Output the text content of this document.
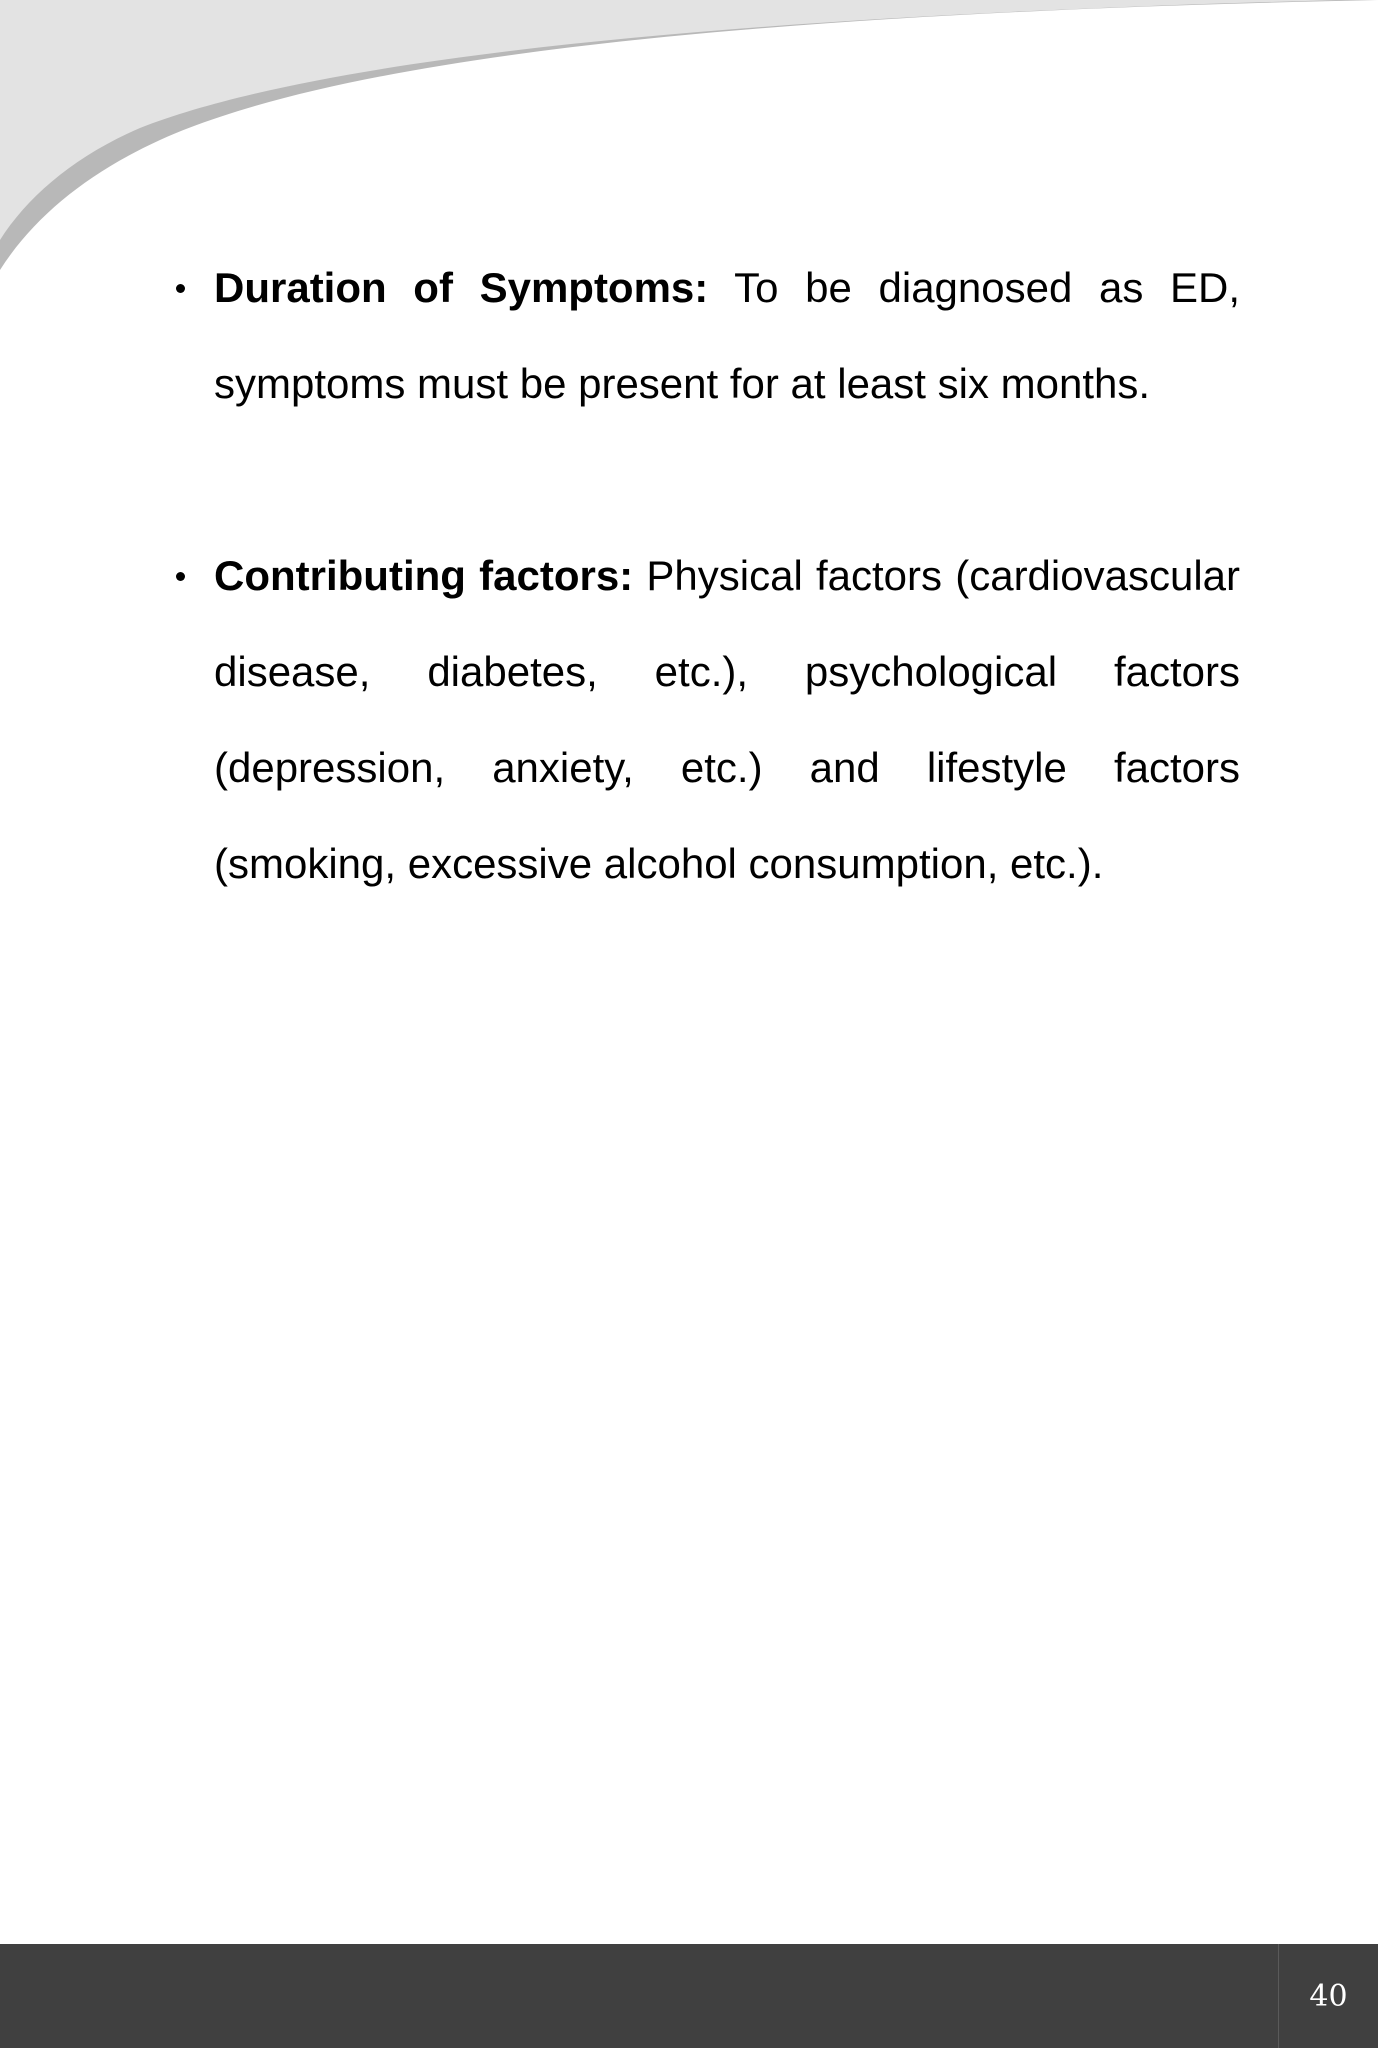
Duration of Symptoms: To be diagnosed as ED, symptoms must be present for at least six months.
Contributing factors: Physical factors (cardiovascular disease, diabetes, etc.), psychological factors (depression, anxiety, etc.) and lifestyle factors (smoking, excessive alcohol consumption, etc.).
40
